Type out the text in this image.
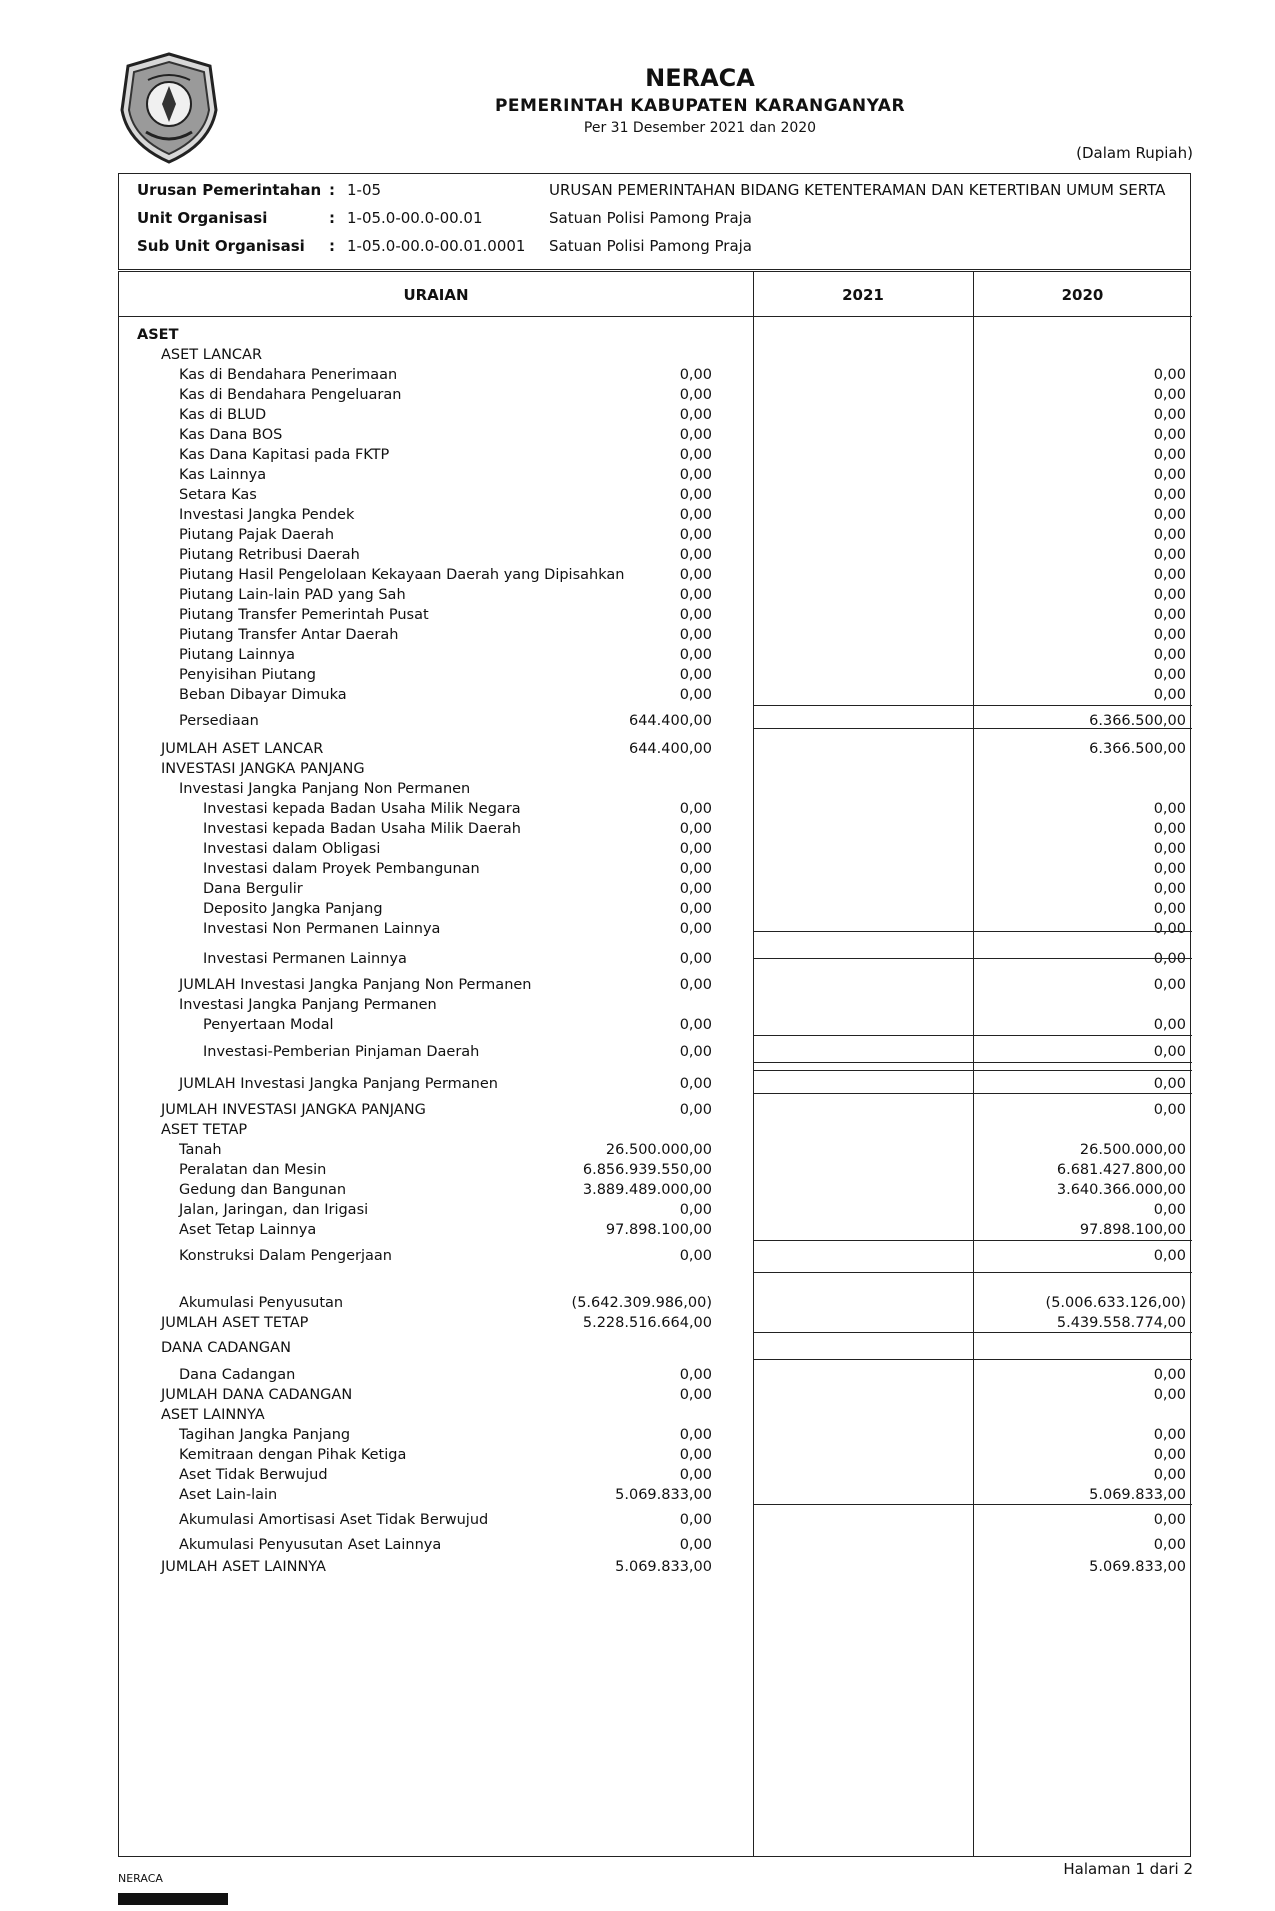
NERACA
PEMERINTAH KABUPATEN KARANGANYAR
Per 31 Desember 2021 dan 2020
(Dalam Rupiah)
Urusan Pemerintahan : 1-05	URUSAN PEMERINTAHAN BIDANG KETENTERAMAN DAN KETERTIBAN UMUM SERTA
Unit Organisasi	: 1-05.0-00.0-00.01	Satuan Polisi Pamong Praja
Sub Unit Organisasi : 1-05.0-00.0-00.01.0001 Satuan Polisi Pamong Praja
URAIAN	2021	2020
ASET
ASET LANCAR
Kas di Bendahara Penerimaan	0,00	0,00
Kas di Bendahara Pengeluaran	0,00	0,00
Kas di BLUD	0,00	0,00
Kas Dana BOS	0,00	0,00
Kas Dana Kapitasi pada FKTP	0,00	0,00
Kas Lainnya	0,00	0,00
Setara Kas	0,00	0,00
Investasi Jangka Pendek	0,00	0,00
Piutang Pajak Daerah	0,00	0,00
Piutang Retribusi Daerah	0,00	0,00
Piutang Hasil Pengelolaan Kekayaan Daerah yang Dipisahkan	0,00	0,00
Piutang Lain-lain PAD yang Sah	0,00	0,00
Piutang Transfer Pemerintah Pusat	0,00	0,00
Piutang Transfer Antar Daerah	0,00	0,00
Piutang Lainnya	0,00	0,00
Penyisihan Piutang	0,00	0,00
Beban Dibayar Dimuka	0,00	0,00
Persediaan	644.400,00	6.366.500,00
JUMLAH ASET LANCAR	644.400,00	6.366.500,00
INVESTASI JANGKA PANJANG
Investasi Jangka Panjang Non Permanen
Investasi kepada Badan Usaha Milik Negara	0,00	0,00
Investasi kepada Badan Usaha Milik Daerah	0,00	0,00
Investasi dalam Obligasi	0,00	0,00
Investasi dalam Proyek Pembangunan	0,00	0,00
Dana Bergulir	0,00	0,00
Deposito Jangka Panjang	0,00	0,00
Investasi Non Permanen Lainnya	0,00	0,00
Investasi Permanen Lainnya	0,00	0,00
JUMLAH Investasi Jangka Panjang Non Permanen	0,00	0,00
Investasi Jangka Panjang Permanen
Penyertaan Modal	0,00	0,00
Investasi-Pemberian Pinjaman Daerah	0,00	0,00
JUMLAH Investasi Jangka Panjang Permanen	0,00	0,00
JUMLAH INVESTASI JANGKA PANJANG	0,00	0,00
ASET TETAP
Tanah	26.500.000,00	26.500.000,00
Peralatan dan Mesin	6.856.939.550,00	6.681.427.800,00
Gedung dan Bangunan	3.889.489.000,00	3.640.366.000,00
Jalan, Jaringan, dan Irigasi	0,00	0,00
Aset Tetap Lainnya	97.898.100,00	97.898.100,00
Konstruksi Dalam Pengerjaan	0,00	0,00
Akumulasi Penyusutan	(5.642.309.986,00)	(5.006.633.126,00)
JUMLAH ASET TETAP	5.228.516.664,00	5.439.558.774,00
DANA CADANGAN
Dana Cadangan	0,00	0,00
JUMLAH DANA CADANGAN	0,00	0,00
ASET LAINNYA
Tagihan Jangka Panjang	0,00	0,00
Kemitraan dengan Pihak Ketiga	0,00	0,00
Aset Tidak Berwujud	0,00	0,00
Aset Lain-lain	5.069.833,00	5.069.833,00
Akumulasi Amortisasi Aset Tidak Berwujud	0,00	0,00
Akumulasi Penyusutan Aset Lainnya	0,00	0,00
JUMLAH ASET LAINNYA	5.069.833,00	5.069.833,00
NERACA
Halaman 1 dari 2
